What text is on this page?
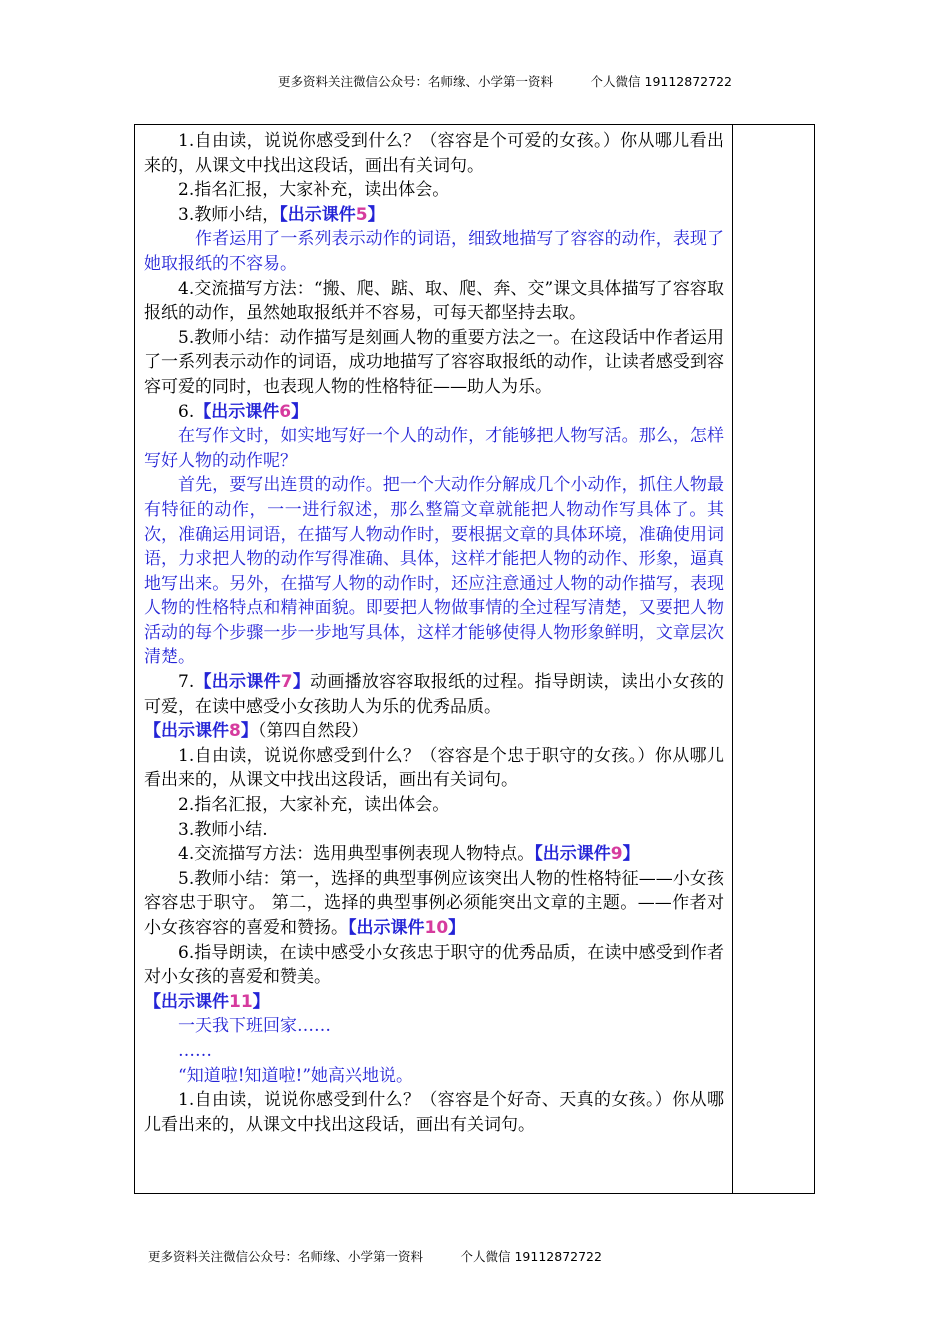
更多资料关注微信公众号：名师缘、小学第一资料　　　个人微信 19112872722

1.自由读，说说你感受到什么？（容容是个可爱的女孩。）你从哪儿看出来的，从课文中找出这段话，画出有关词句。

2.指名汇报，大家补充，读出体会。

3.教师小结，【出示课件5】

作者运用了一系列表示动作的词语，细致地描写了容容的动作，表现了她取报纸的不容易。

4.交流描写方法：“搬、爬、踮、取、爬、奔、交”课文具体描写了容容取报纸的动作，虽然她取报纸并不容易，可每天都坚持去取。

5.教师小结：动作描写是刻画人物的重要方法之一。在这段话中作者运用了一系列表示动作的词语，成功地描写了容容取报纸的动作，让读者感受到容容可爱的同时，也表现人物的性格特征——助人为乐。

6.【出示课件6】

在写作文时，如实地写好一个人的动作，才能够把人物写活。那么，怎样写好人物的动作呢？

首先，要写出连贯的动作。把一个大动作分解成几个小动作，抓住人物最有特征的动作，一一进行叙述，那么整篇文章就能把人物动作写具体了。其次，准确运用词语，在描写人物动作时，要根据文章的具体环境，准确使用词语，力求把人物的动作写得准确、具体，这样才能把人物的动作、形象，逼真地写出来。另外，在描写人物的动作时，还应注意通过人物的动作描写，表现人物的性格特点和精神面貌。即要把人物做事情的全过程写清楚，又要把人物活动的每个步骤一步一步地写具体，这样才能够使得人物形象鲜明，文章层次清楚。

7.【出示课件7】动画播放容容取报纸的过程。指导朗读，读出小女孩的可爱，在读中感受小女孩助人为乐的优秀品质。

【出示课件8】（第四自然段）

1.自由读，说说你感受到什么？（容容是个忠于职守的女孩。）你从哪儿看出来的，从课文中找出这段话，画出有关词句。

2.指名汇报，大家补充，读出体会。

3.教师小结.

4.交流描写方法：选用典型事例表现人物特点。【出示课件9】

5.教师小结：第一，选择的典型事例应该突出人物的性格特征——小女孩容容忠于职守。 第二，选择的典型事例必须能突出文章的主题。——作者对小女孩容容的喜爱和赞扬。【出示课件10】

6.指导朗读，在读中感受小女孩忠于职守的优秀品质，在读中感受到作者对小女孩的喜爱和赞美。

【出示课件11】

一天我下班回家……

……

“知道啦!知道啦!”她高兴地说。

1.自由读，说说你感受到什么？（容容是个好奇、天真的女孩。）你从哪儿看出来的，从课文中找出这段话，画出有关词句。

更多资料关注微信公众号：名师缘、小学第一资料　　　个人微信 19112872722
